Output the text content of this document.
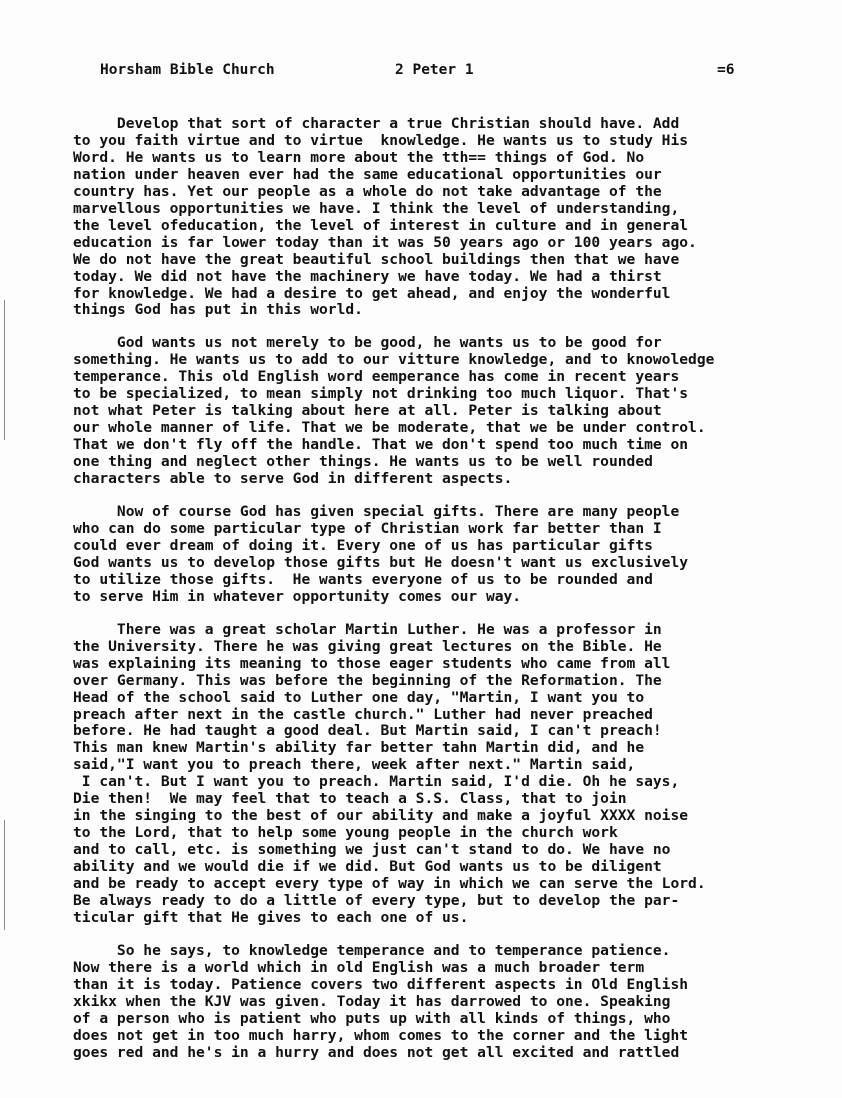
Horsham Bible Church

	2 Peter 1

	=6

Develop that sort of character a true Christian should have. Add
to you faith virtue and to virtue  knowledge. He wants us to study His
Word. He wants us to learn more about the tth== things of God. No
nation under heaven ever had the same educational opportunities our
country has. Yet our people as a whole do not take advantage of the
marvellous opportunities we have. I think the level of understanding,
the level ofeducation, the level of interest in culture and in general
education is far lower today than it was 50 years ago or 100 years ago.
We do not have the great beautiful school buildings then that we have
today. We did not have the machinery we have today. We had a thirst
for knowledge. We had a desire to get ahead, and enjoy the wonderful
things God has put in this world.
God wants us not merely to be good, he wants us to be good for
something. He wants us to add to our vitture knowledge, and to knowoledge
temperance. This old English word eemperance has come in recent years
to be specialized, to mean simply not drinking too much liquor. That's
not what Peter is talking about here at all. Peter is talking about
our whole manner of life. That we be moderate, that we be under control.
That we don't fly off the handle. That we don't spend too much time on
one thing and neglect other things. He wants us to be well rounded
characters able to serve God in different aspects.
Now of course God has given special gifts. There are many people
who can do some particular type of Christian work far better than I
could ever dream of doing it. Every one of us has particular gifts
God wants us to develop those gifts but He doesn't want us exclusively
to utilize those gifts.  He wants everyone of us to be rounded and
to serve Him in whatever opportunity comes our way.
There was a great scholar Martin Luther. He was a professor in
the University. There he was giving great lectures on the Bible. He
was explaining its meaning to those eager students who came from all
over Germany. This was before the beginning of the Reformation. The
Head of the school said to Luther one day, "Martin, I want you to
preach after next in the castle church." Luther had never preached
before. He had taught a good deal. But Martin said, I can't preach!
This man knew Martin's ability far better tahn Martin did, and he
said,"I want you to preach there, week after next." Martin said,
I can't. But I want you to preach. Martin said, I'd die. Oh he says,
Die then!  We may feel that to teach a S.S. Class, that to join
in the singing to the best of our ability and make a joyful XXXX noise
to the Lord, that to help some young people in the church work
and to call, etc. is something we just can't stand to do. We have no
ability and we would die if we did. But God wants us to be diligent
and be ready to accept every type of way in which we can serve the Lord.
Be always ready to do a little of every type, but to develop the par-
ticular gift that He gives to each one of us.
So he says, to knowledge temperance and to temperance patience.
Now there is a world which in old English was a much broader term
than it is today. Patience covers two different aspects in Old English
xkikx when the KJV was given. Today it has darrowed to one. Speaking
of a person who is patient who puts up with all kinds of things, who
does not get in too much harry, whom comes to the corner and the light
goes red and he's in a hurry and does not get all excited and rattled
